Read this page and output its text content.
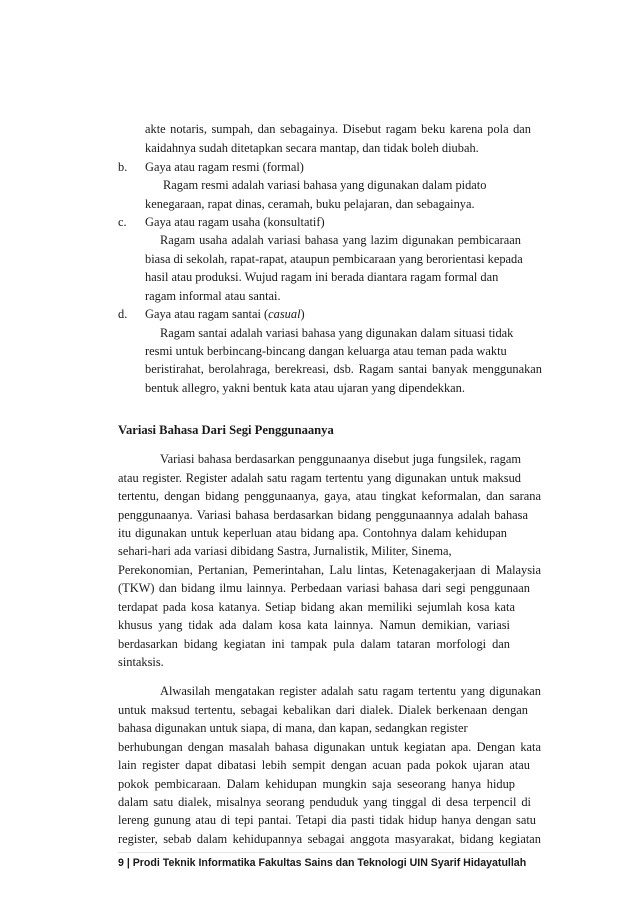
akte notaris, sumpah, dan sebagainya. Disebut ragam beku karena pola dan
kaidahnya sudah ditetapkan secara mantap, dan tidak boleh diubah.
b. Gaya atau ragam resmi (formal)
Ragam resmi adalah variasi bahasa yang digunakan dalam pidato
kenegaraan, rapat dinas, ceramah, buku pelajaran, dan sebagainya.
c. Gaya atau ragam usaha (konsultatif)
Ragam usaha adalah variasi bahasa yang lazim digunakan pembicaraan
biasa di sekolah, rapat-rapat, ataupun pembicaraan yang berorientasi kepada
hasil atau produksi. Wujud ragam ini berada diantara ragam formal dan
ragam informal atau santai.
d. Gaya atau ragam santai (casual)
Ragam santai adalah variasi bahasa yang digunakan dalam situasi tidak
resmi untuk berbincang-bincang dangan keluarga atau teman pada waktu
beristirahat, berolahraga, berekreasi, dsb. Ragam santai banyak menggunakan
bentuk allegro, yakni bentuk kata atau ujaran yang dipendekkan.
Variasi Bahasa Dari Segi Penggunaanya
Variasi bahasa berdasarkan penggunaanya disebut juga fungsilek, ragam
atau register. Register adalah satu ragam tertentu yang digunakan untuk maksud
tertentu, dengan bidang penggunaanya, gaya, atau tingkat keformalan, dan sarana
penggunaanya. Variasi bahasa berdasarkan bidang penggunaannya adalah bahasa
itu digunakan untuk keperluan atau bidang apa. Contohnya dalam kehidupan
sehari-hari ada variasi dibidang Sastra, Jurnalistik, Militer, Sinema,
Perekonomian, Pertanian, Pemerintahan, Lalu lintas, Ketenagakerjaan di Malaysia
(TKW) dan bidang ilmu lainnya. Perbedaan variasi bahasa dari segi penggunaan
terdapat pada kosa katanya. Setiap bidang akan memiliki sejumlah kosa kata
khusus yang tidak ada dalam kosa kata lainnya. Namun demikian, variasi
berdasarkan bidang kegiatan ini tampak pula dalam tataran morfologi dan
sintaksis.
Alwasilah mengatakan register adalah satu ragam tertentu yang digunakan
untuk maksud tertentu, sebagai kebalikan dari dialek. Dialek berkenaan dengan
bahasa digunakan untuk siapa, di mana, dan kapan, sedangkan register
berhubungan dengan masalah bahasa digunakan untuk kegiatan apa. Dengan kata
lain register dapat dibatasi lebih sempit dengan acuan pada pokok ujaran atau
pokok pembicaraan. Dalam kehidupan mungkin saja seseorang hanya hidup
dalam satu dialek, misalnya seorang penduduk yang tinggal di desa terpencil di
lereng gunung atau di tepi pantai. Tetapi dia pasti tidak hidup hanya dengan satu
register, sebab dalam kehidupannya sebagai anggota masyarakat, bidang kegiatan
9 | Prodi Teknik Informatika Fakultas Sains dan Teknologi UIN Syarif Hidayatullah
